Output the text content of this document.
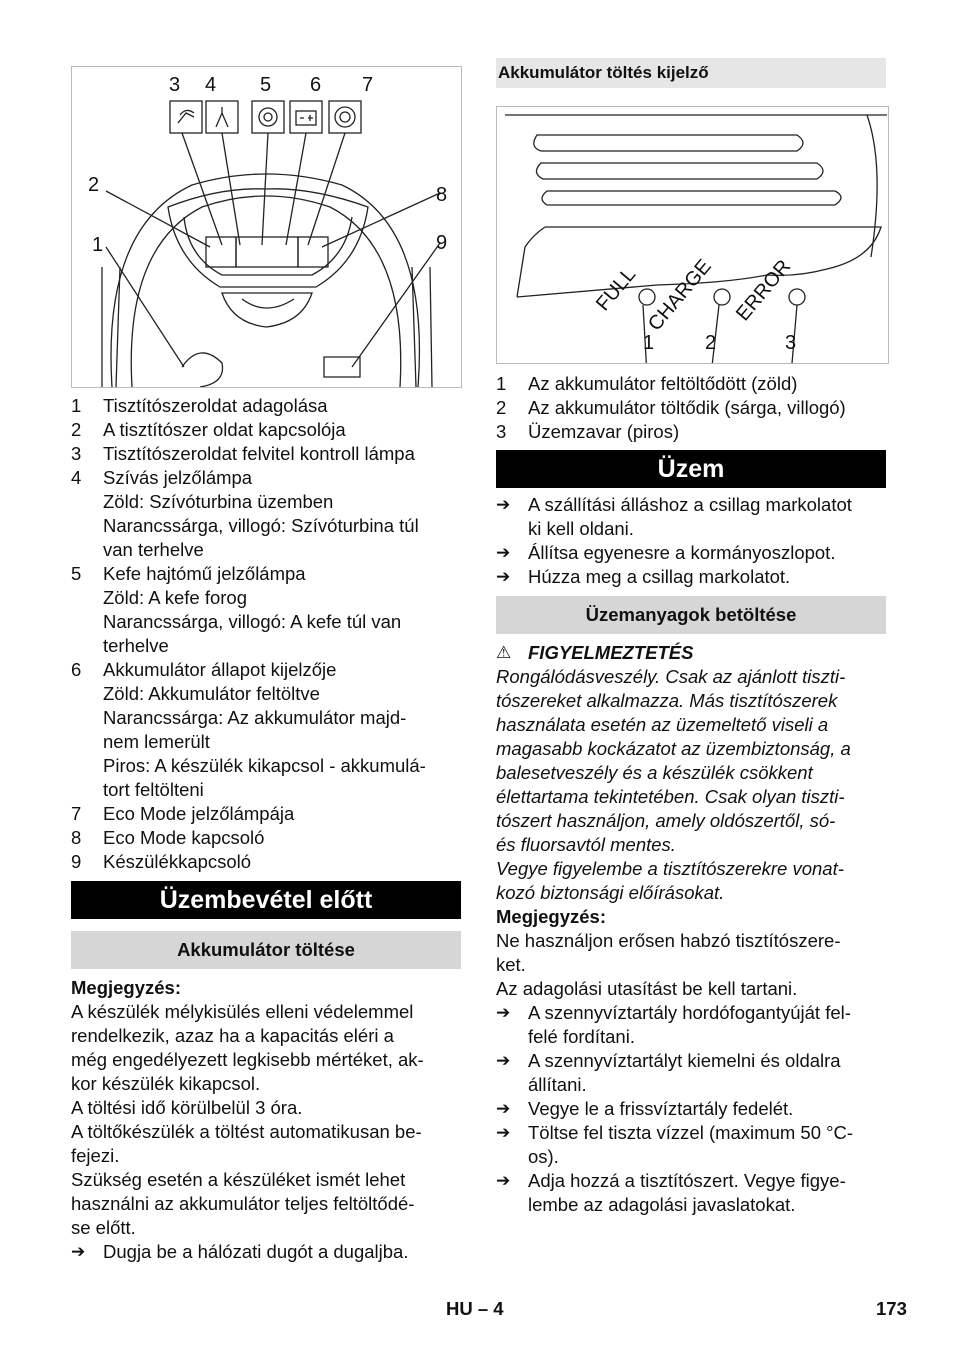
3 4 5 6 7
2	8
1	9
1	Tisztítószeroldat adagolása
2	A tisztítószer oldat kapcsolója
3	Tisztítószeroldat felvitel kontroll lámpa
4	Szívás jelzőlámpa
Zöld: Szívóturbina üzemben
Narancssárga, villogó: Szívóturbina túl
van terhelve
5	Kefe hajtómű jelzőlámpa
Zöld: A kefe forog
Narancssárga, villogó: A kefe túl van
terhelve
6	Akkumulátor állapot kijelzője
Zöld: Akkumulátor feltöltve
Narancssárga: Az akkumulátor majd-
nem lemerült
Piros: A készülék kikapcsol - akkumulá-
tort feltölteni
7	Eco Mode jelzőlámpája
8	Eco Mode kapcsoló
9	Készülékkapcsoló
Üzembevétel előtt
Akkumulátor töltése

Megjegyzés:

A készülék mélykisülés elleni védelemmel
rendelkezik, azaz ha a kapacitás eléri a
még engedélyezett legkisebb mértéket, ak-
kor készülék kikapcsol.
A töltési idő körülbelül 3 óra.
A töltőkészülék a töltést automatikusan be-
fejezi.
Szükség esetén a készüléket ismét lehet
használni az akkumulátor teljes feltöltődé-
se előtt.
➔ Dugja be a hálózati dugót a dugaljba.
Akkumulátor töltés kijelző
FULL CHARGE ERROR
1	2	3
1	Az akkumulátor feltöltődött (zöld)
2	Az akkumulátor töltődik (sárga, villogó)
3	Üzemzavar (piros)
Üzem
➔ A szállítási álláshoz a csillag markolatot
ki kell oldani.
➔ Állítsa egyenesre a kormányoszlopot.
➔ Húzza meg a csillag markolatot.
Üzemanyagok betöltése
⚠ FIGYELMEZTETÉS
Rongálódásveszély. Csak az ajánlott tiszti-
tószereket alkalmazza. Más tisztítószerek
használata esetén az üzemeltető viseli a
magasabb kockázatot az üzembiztonság, a
balesetveszély és a készülék csökkent
élettartama tekintetében. Csak olyan tiszti-
tószert használjon, amely oldószertől, só-
és fluorsavtól mentes.
Vegye figyelembe a tisztítószerekre vonat-
kozó biztonsági előírásokat.

Megjegyzés:

Ne használjon erősen habzó tisztítószere-
ket.
Az adagolási utasítást be kell tartani.
➔ A szennyvíztartály hordófogantyúját fel-
felé fordítani.
➔ A szennyvíztartályt kiemelni és oldalra
állítani.
➔ Vegye le a frissvíztartály fedelét.
➔ Töltse fel tiszta vízzel (maximum 50 °C-
os).
➔ Adja hozzá a tisztítószert. Vegye figye-
lembe az adagolási javaslatokat.
HU – 4	173
